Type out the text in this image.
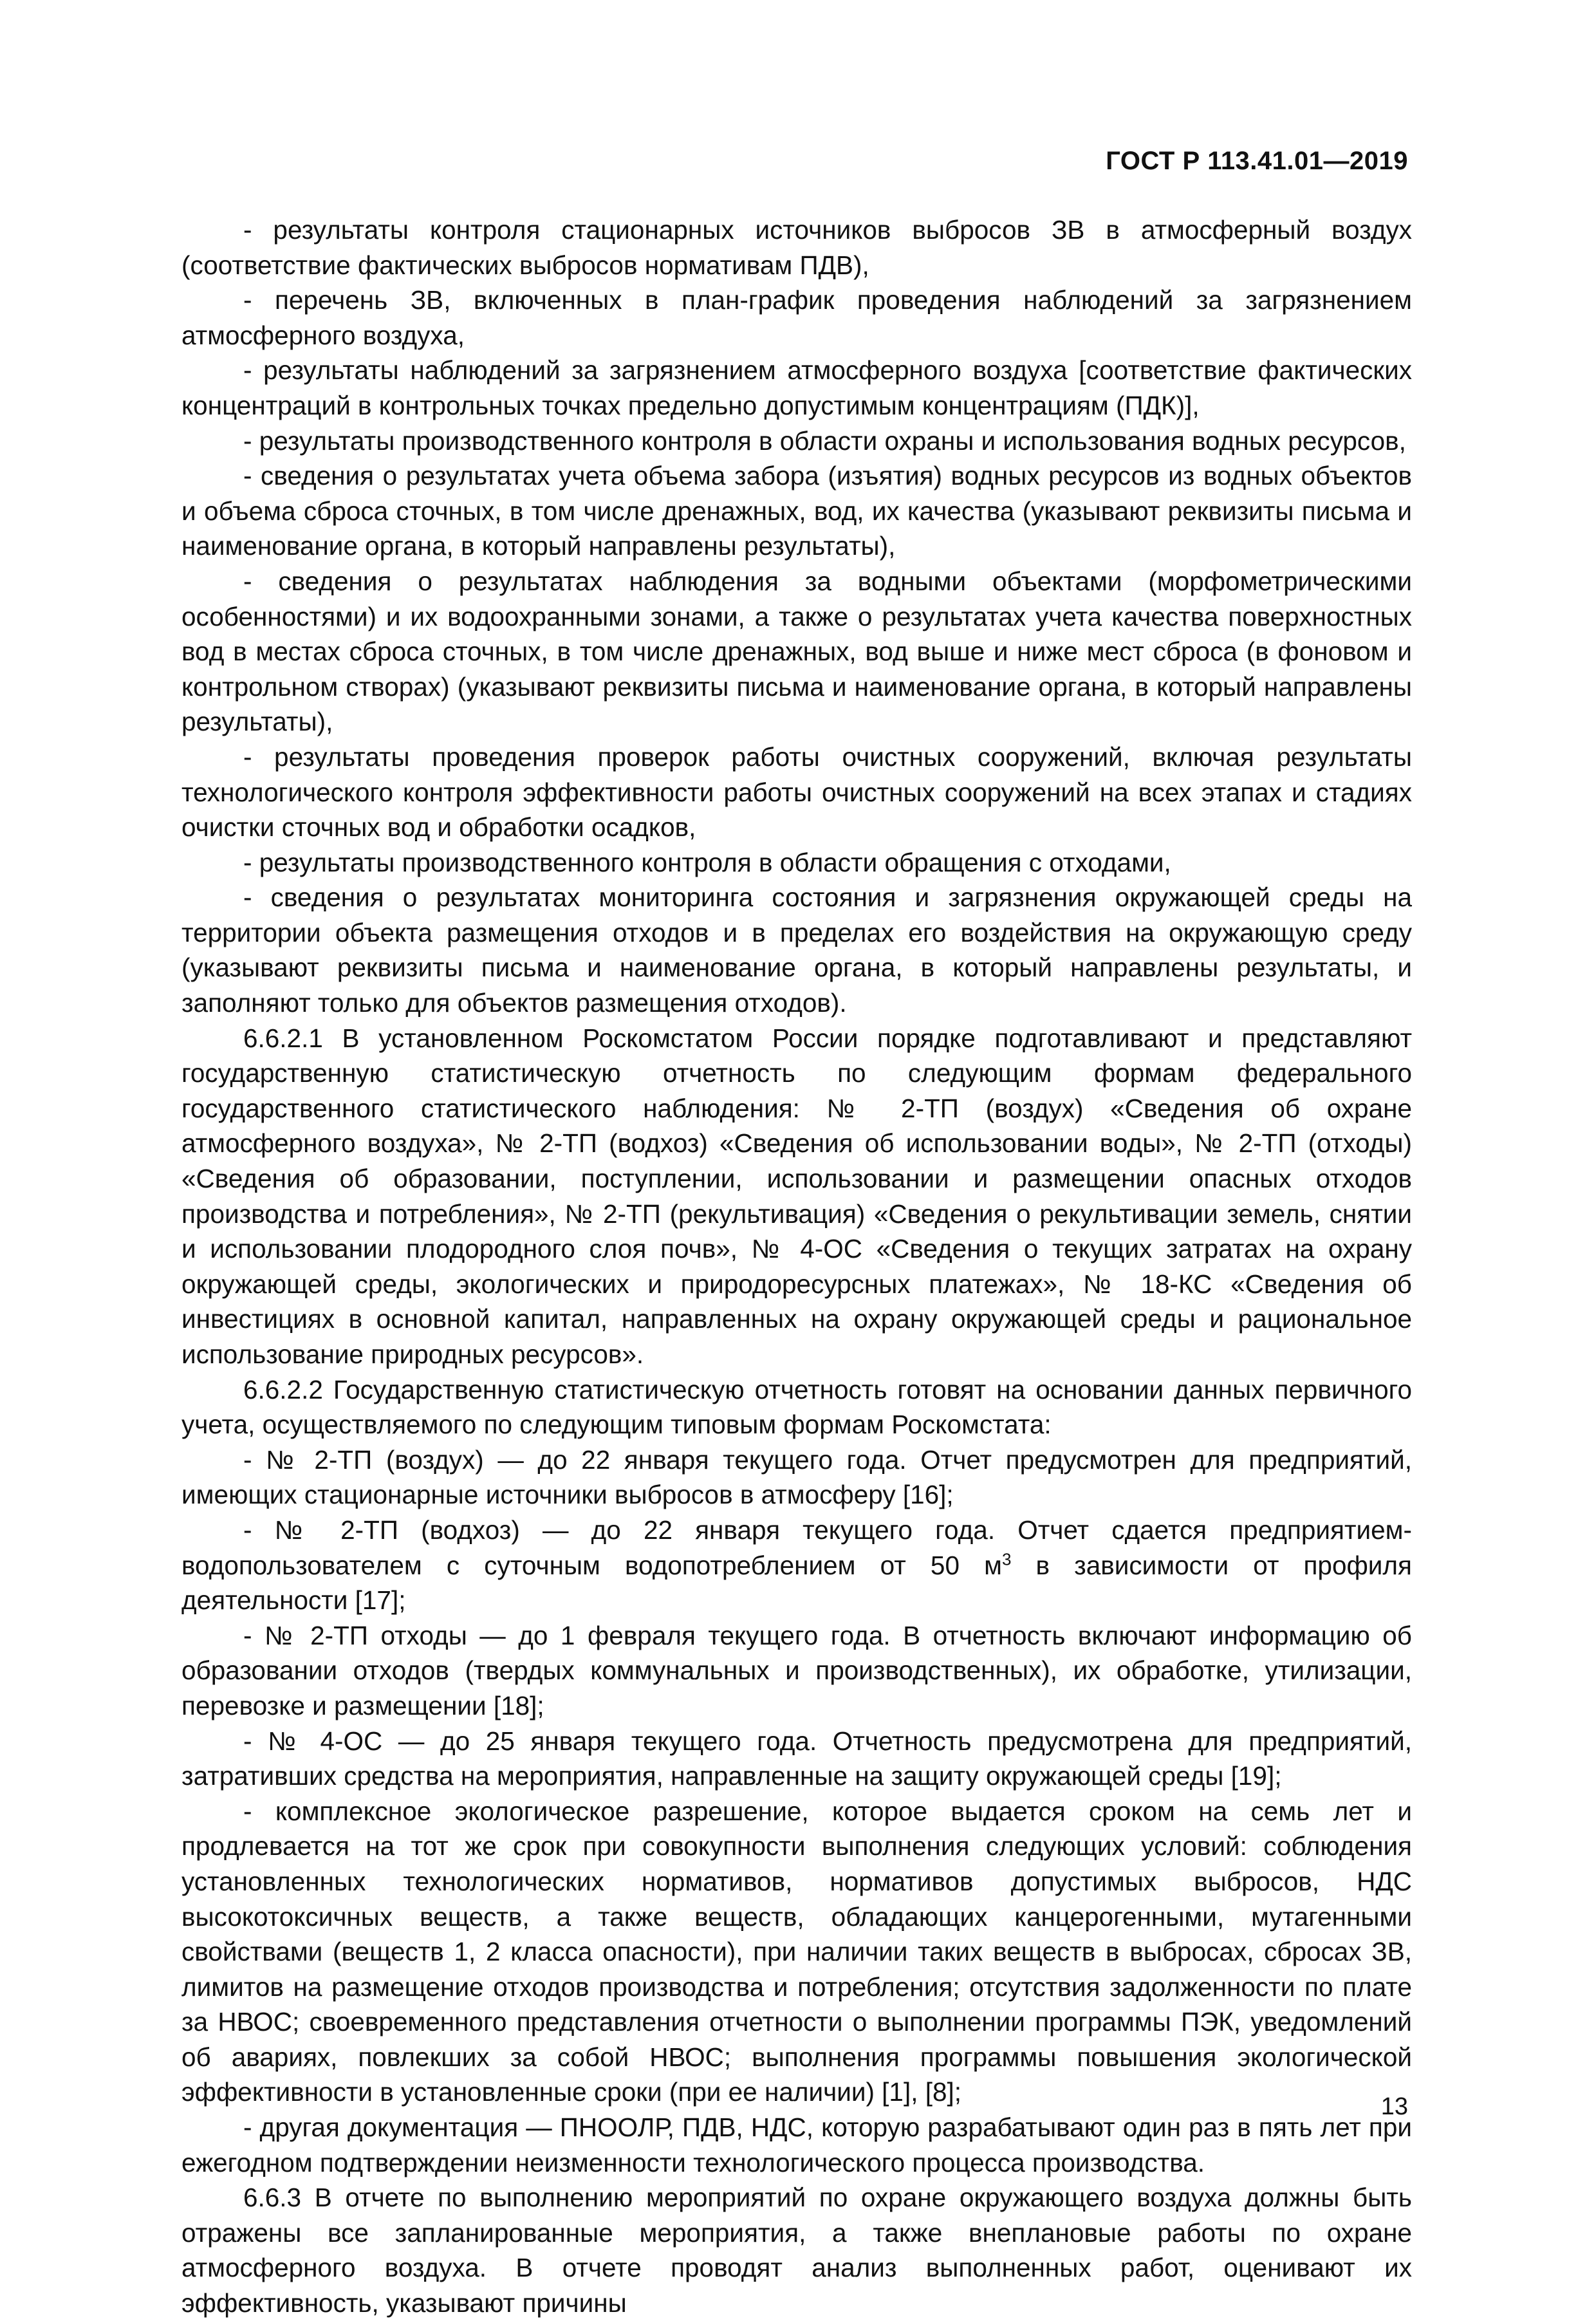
ГОСТ Р 113.41.01—2019

- результаты контроля стационарных источников выбросов ЗВ в атмосферный воздух (соответствие фактических выбросов нормативам ПДВ),

- перечень ЗВ, включенных в план-график проведения наблюдений за загрязнением атмосферного воздуха,

- результаты наблюдений за загрязнением атмосферного воздуха [соответствие фактических концентраций в контрольных точках предельно допустимым концентрациям (ПДК)],

- результаты производственного контроля в области охраны и использования водных ресурсов,

- сведения о результатах учета объема забора (изъятия) водных ресурсов из водных объектов и объема сброса сточных, в том числе дренажных, вод, их качества (указывают реквизиты письма и наименование органа, в который направлены результаты),

- сведения о результатах наблюдения за водными объектами (морфометрическими особенностями) и их водоохранными зонами, а также о результатах учета качества поверхностных вод в местах сброса сточных, в том числе дренажных, вод выше и ниже мест сброса (в фоновом и контрольном створах) (указывают реквизиты письма и наименование органа, в который направлены результаты),

- результаты проведения проверок работы очистных сооружений, включая результаты технологического контроля эффективности работы очистных сооружений на всех этапах и стадиях очистки сточных вод и обработки осадков,

- результаты производственного контроля в области обращения с отходами,

- сведения о результатах мониторинга состояния и загрязнения окружающей среды на территории объекта размещения отходов и в пределах его воздействия на окружающую среду (указывают реквизиты письма и наименование органа, в который направлены результаты, и заполняют только для объектов размещения отходов).

6.6.2.1 В установленном Роскомстатом России порядке подготавливают и представляют государственную статистическую отчетность по следующим формам федерального государственного статистического наблюдения: № 2-ТП (воздух) «Сведения об охране атмосферного воздуха», № 2-ТП (водхоз) «Сведения об использовании воды», № 2-ТП (отходы) «Сведения об образовании, поступлении, использовании и размещении опасных отходов производства и потребления», № 2-ТП (рекультивация) «Сведения о рекультивации земель, снятии и использовании плодородного слоя почв», № 4-ОС «Сведения о текущих затратах на охрану окружающей среды, экологических и природоресурсных платежах», № 18-КС «Сведения об инвестициях в основной капитал, направленных на охрану окружающей среды и рациональное использование природных ресурсов».

6.6.2.2 Государственную статистическую отчетность готовят на основании данных первичного учета, осуществляемого по следующим типовым формам Роскомстата:

- № 2-ТП (воздух) — до 22 января текущего года. Отчет предусмотрен для предприятий, имеющих стационарные источники выбросов в атмосферу [16];

- № 2-ТП (водхоз) — до 22 января текущего года. Отчет сдается предприятием-водопользователем с суточным водопотреблением от 50 $м^3$ в зависимости от профиля деятельности [17];

- № 2-ТП отходы — до 1 февраля текущего года. В отчетность включают информацию об образовании отходов (твердых коммунальных и производственных), их обработке, утилизации, перевозке и размещении [18];

- № 4-ОС — до 25 января текущего года. Отчетность предусмотрена для предприятий, затративших средства на мероприятия, направленные на защиту окружающей среды [19];

- комплексное экологическое разрешение, которое выдается сроком на семь лет и продлевается на тот же срок при совокупности выполнения следующих условий: соблюдения установленных технологических нормативов, нормативов допустимых выбросов, НДС высокотоксичных веществ, а также веществ, обладающих канцерогенными, мутагенными свойствами (веществ 1, 2 класса опасности), при наличии таких веществ в выбросах, сбросах ЗВ, лимитов на размещение отходов производства и потребления; отсутствия задолженности по плате за НВОС; своевременного представления отчетности о выполнении программы ПЭК, уведомлений об авариях, повлекших за собой НВОС; выполнения программы повышения экологической эффективности в установленные сроки (при ее наличии) [1], [8];

- другая документация — ПНООЛР, ПДВ, НДС, которую разрабатывают один раз в пять лет при ежегодном подтверждении неизменности технологического процесса производства.

6.6.3 В отчете по выполнению мероприятий по охране окружающего воздуха должны быть отражены все запланированные мероприятия, а также внеплановые работы по охране атмосферного воздуха. В отчете проводят анализ выполненных работ, оценивают их эффективность, указывают причины

13
